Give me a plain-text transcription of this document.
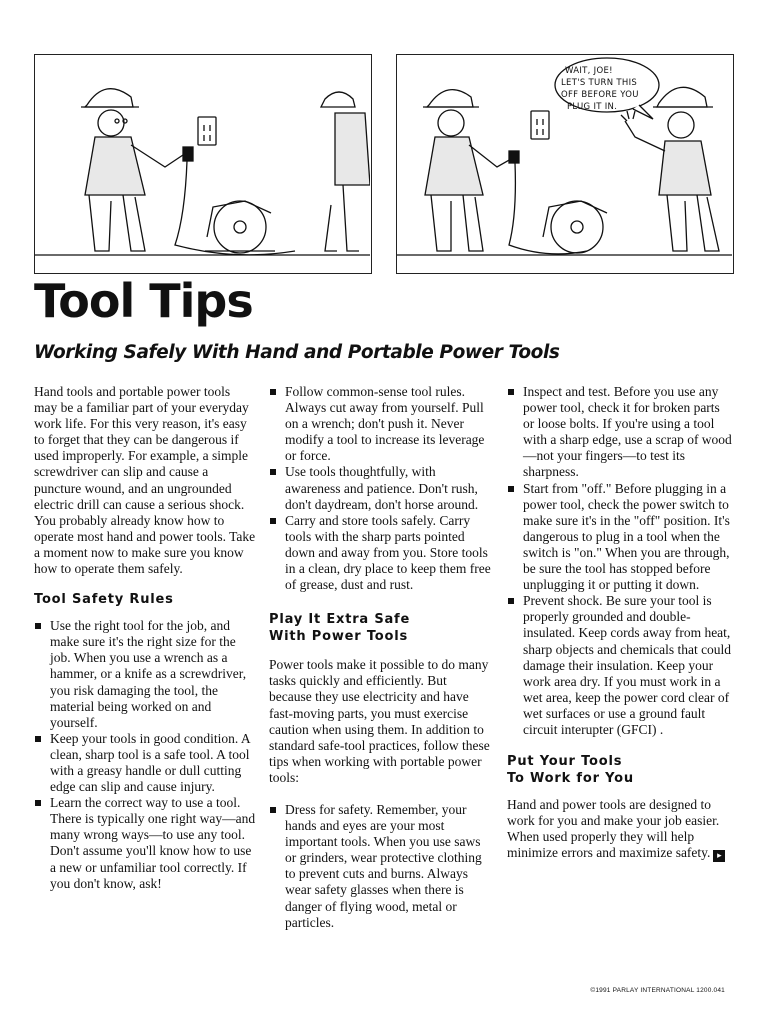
WAIT, JOE!
LET'S TURN THIS
OFF BEFORE YOU
PLUG IT IN.
Tool Tips
Working Safely With Hand and Portable Power Tools

Hand tools and portable power tools may be a familiar part of your everyday work life. For this very reason, it's easy to forget that they can be dangerous if used improperly. For example, a simple screwdriver can slip and cause a puncture wound, and an ungrounded electric drill can cause a serious shock. You probably already know how to operate most hand and power tools. Take a moment now to make sure you know how to operate them safely.

Tool Safety Rules
Use the right tool for the job, and make sure it's the right size for the job. When you use a wrench as a hammer, or a knife as a screwdriver, you risk damaging the tool, the material being worked on and yourself.
Keep your tools in good condition. A clean, sharp tool is a safe tool. A tool with a greasy handle or dull cutting edge can slip and cause injury.
Learn the correct way to use a tool. There is typically one right way—and many wrong ways—to use any tool. Don't assume you'll know how to use a new or unfamiliar tool correctly. If you don't know, ask!
Follow common-sense tool rules. Always cut away from yourself. Pull on a wrench; don't push it. Never modify a tool to increase its leverage or force.
Use tools thoughtfully, with awareness and patience. Don't rush, don't daydream, don't horse around.
Carry and store tools safely. Carry tools with the sharp parts pointed down and away from you. Store tools in a clean, dry place to keep them free of grease, dust and rust.
Play It Extra Safe
With Power Tools

Power tools make it possible to do many tasks quickly and efficiently. But because they use electricity and have fast-moving parts, you must exercise caution when using them. In addition to standard safe-tool practices, follow these tips when working with portable power tools:

Dress for safety. Remember, your hands and eyes are your most important tools. When you use saws or grinders, wear protective clothing to prevent cuts and burns. Always wear safety glasses when there is danger of flying wood, metal or particles.
Inspect and test. Before you use any power tool, check it for broken parts or loose bolts. If you're using a tool with a sharp edge, use a scrap of wood—not your fingers—to test its sharpness.
Start from "off." Before plugging in a power tool, check the power switch to make sure it's in the "off" position. It's dangerous to plug in a tool when the switch is "on." When you are through, be sure the tool has stopped before unplugging it or putting it down.
Prevent shock. Be sure your tool is properly grounded and double-insulated. Keep cords away from heat, sharp objects and chemicals that could damage their insulation. Keep your work area dry. If you must work in a wet area, keep the power cord clear of wet surfaces or use a ground fault circuit interupter (GFCI) .
Put Your Tools
To Work for You

Hand and power tools are designed to work for you and make your job easier. When used properly they will help minimize errors and maximize safety. ▸

©1991 PARLAY INTERNATIONAL 1200.041
